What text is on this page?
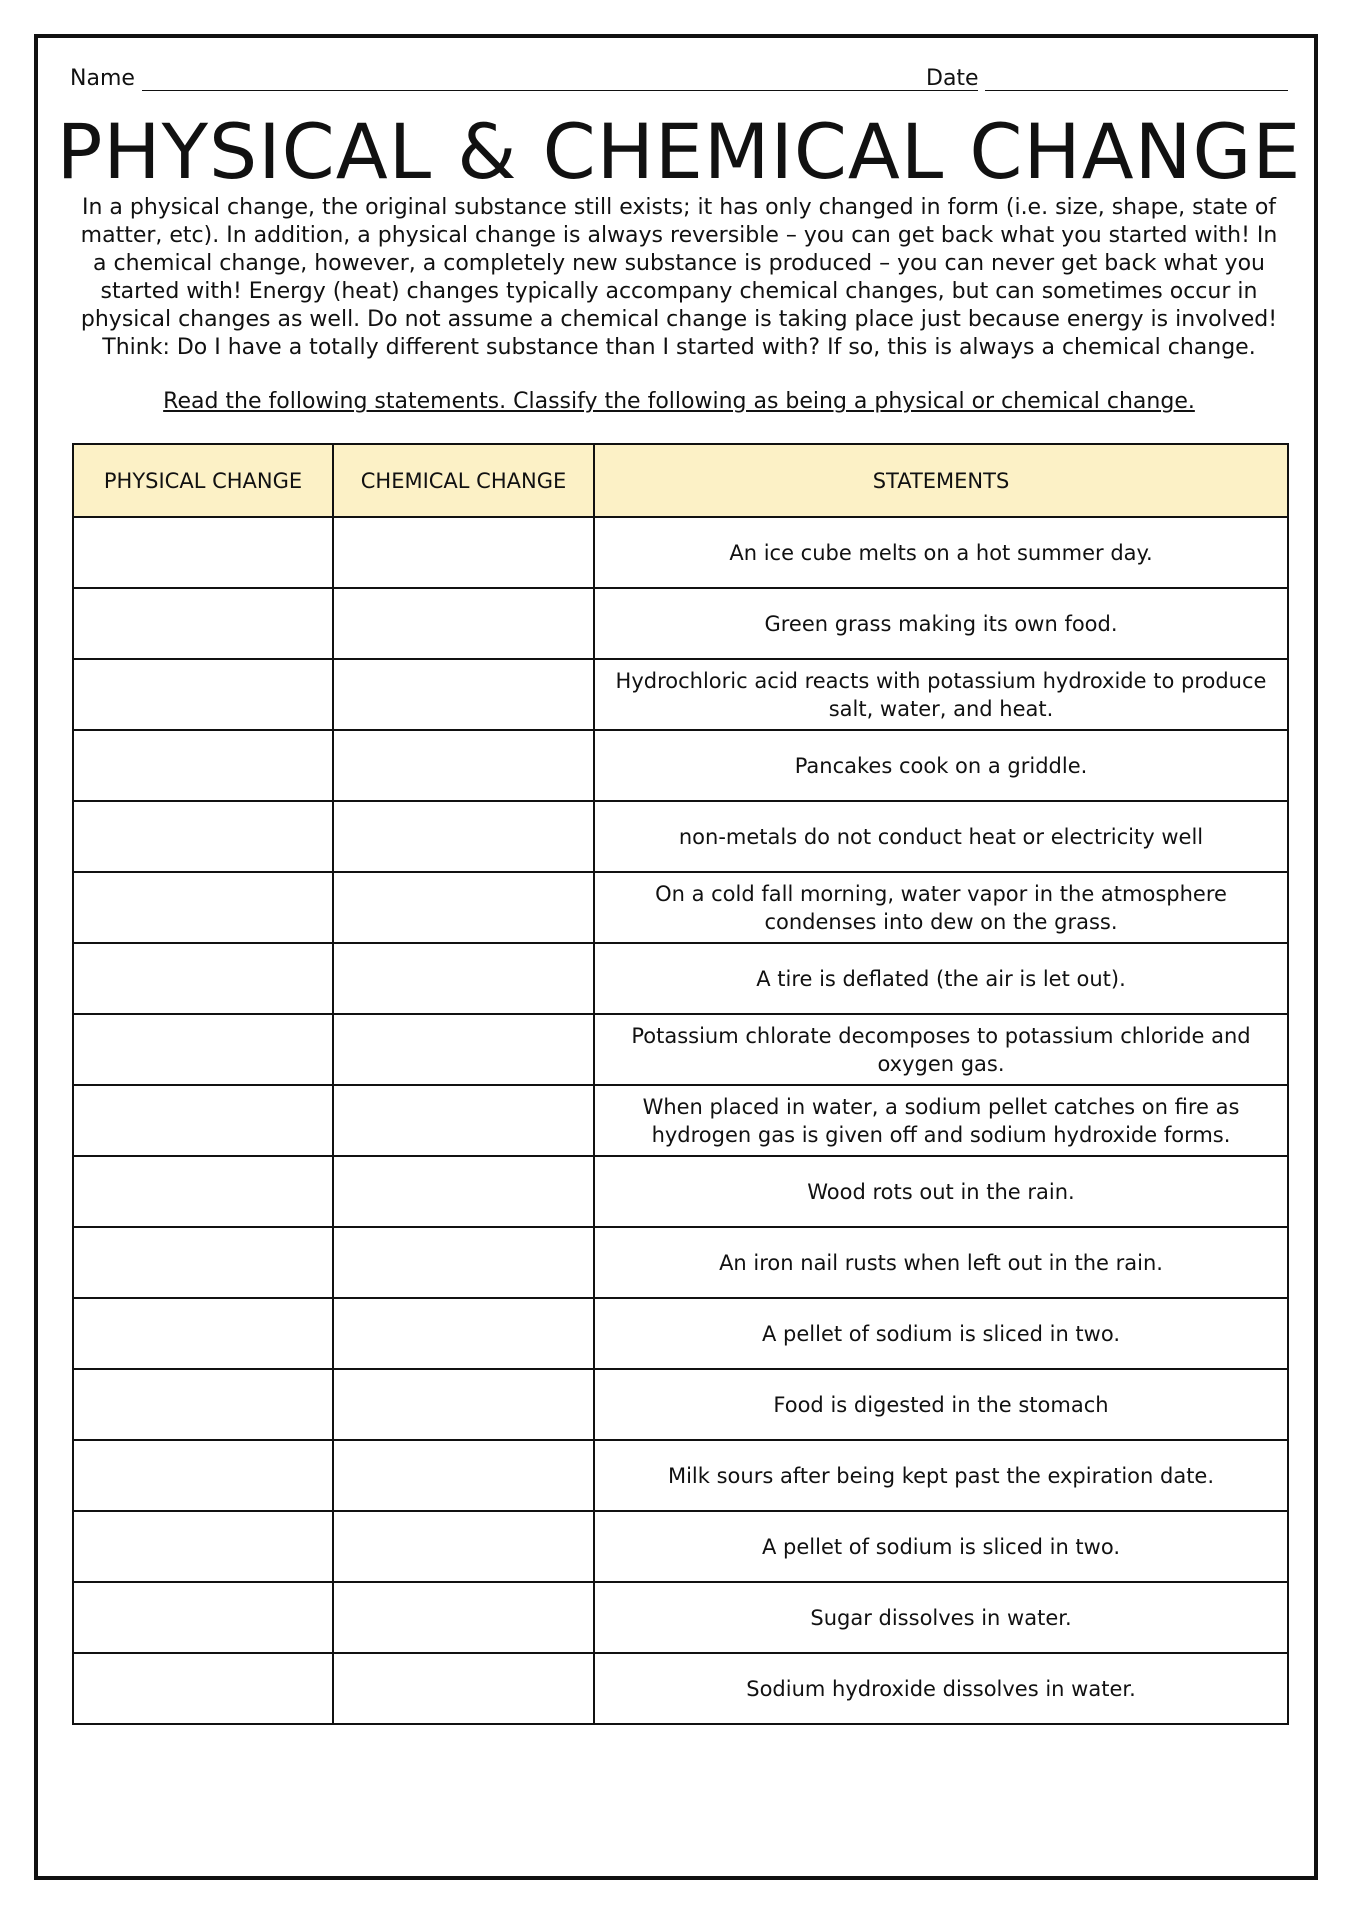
Name	Date
PHYSICAL & CHEMICAL CHANGE

In a physical change, the original substance still exists; it has only changed in form (i.e. size, shape, state of matter, etc). In addition, a physical change is always reversible – you can get back what you started with! In a chemical change, however, a completely new substance is produced – you can never get back what you started with! Energy (heat) changes typically accompany chemical changes, but can sometimes occur in physical changes as well. Do not assume a chemical change is taking place just because energy is involved! Think: Do I have a totally different substance than I started with? If so, this is always a chemical change.

Read the following statements. Classify the following as being a physical or chemical change.
PHYSICAL CHANGE	CHEMICAL CHANGE	STATEMENTS
		An ice cube melts on a hot summer day.
		Green grass making its own food.
		Hydrochloric acid reacts with potassium hydroxide to produce salt, water, and heat.
		Pancakes cook on a griddle.
		non-metals do not conduct heat or electricity well
		On a cold fall morning, water vapor in the atmosphere condenses into dew on the grass.
		A tire is deflated (the air is let out).
		Potassium chlorate decomposes to potassium chloride and oxygen gas.
		When placed in water, a sodium pellet catches on fire as hydrogen gas is given off and sodium hydroxide forms.
		Wood rots out in the rain.
		An iron nail rusts when left out in the rain.
		A pellet of sodium is sliced in two.
		Food is digested in the stomach
		Milk sours after being kept past the expiration date.
		A pellet of sodium is sliced in two.
		Sugar dissolves in water.
		Sodium hydroxide dissolves in water.
